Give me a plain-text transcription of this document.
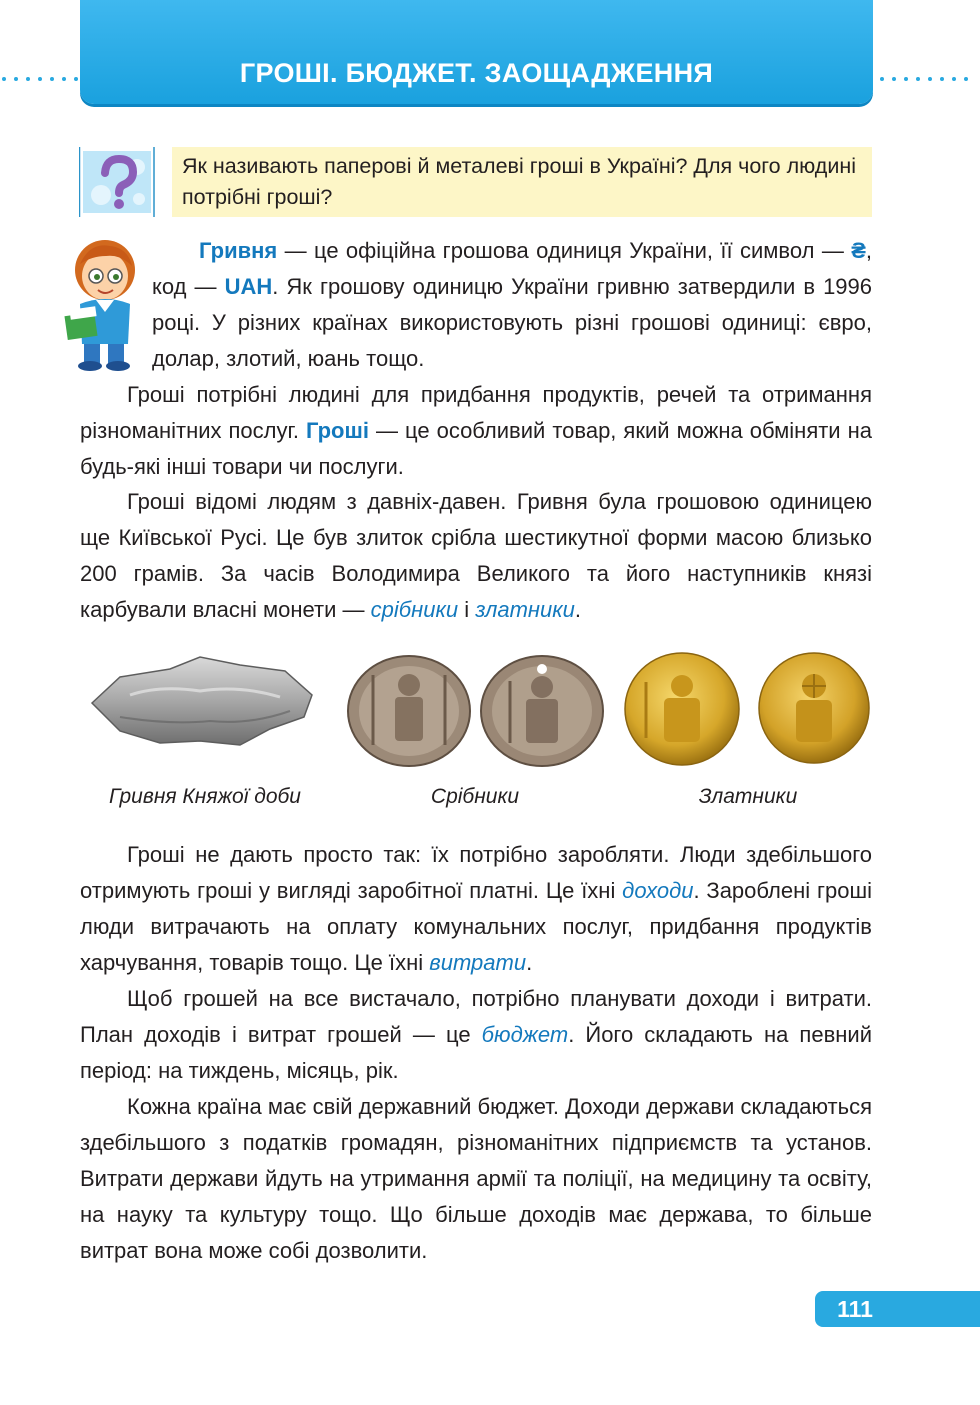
ГРОШІ. БЮДЖЕТ. ЗАОЩАДЖЕННЯ
Як називають паперові й металеві гроші в Україні? Для чого людині потрібні гроші?

Гривня — це офіційна грошова одиниця України, її символ — ₴, код — UAH. Як грошову одиницю України гривню затвердили в 1996 році. У різних країнах використовують різні грошові одиниці: євро, долар, злотий, юань тощо.

Гроші потрібні людині для придбання продуктів, речей та отримання різноманітних послуг. Гроші — це особливий товар, який можна обміняти на будь-які інші товари чи послуги.

Гроші відомі людям з давніх-давен. Гривня була грошовою одиницею ще Київської Русі. Це був злиток срібла шестикутної форми масою близько 200 грамів. За часів Володимира Великого та його наступників князі карбували власні монети — срібники і златники.

Гривня Княжої доби	Срібники	Златники

Гроші не дають просто так: їх потрібно заробляти. Люди здебільшого отримують гроші у вигляді заробітної платні. Це їхні доходи. Зароблені гроші люди витрачають на оплату комунальних послуг, придбання продуктів харчування, товарів тощо. Це їхні витрати.

Щоб грошей на все вистачало, потрібно планувати доходи і витрати. План доходів і витрат грошей — це бюджет. Його складають на певний період: на тиждень, місяць, рік.

Кожна країна має свій державний бюджет. Доходи держави складаються здебільшого з податків громадян, різноманітних підприємств та установ. Витрати держави йдуть на утримання армії та поліції, на медицину та освіту, на науку та культуру тощо. Що більше доходів має держава, то більше витрат вона може собі дозволити.

111
